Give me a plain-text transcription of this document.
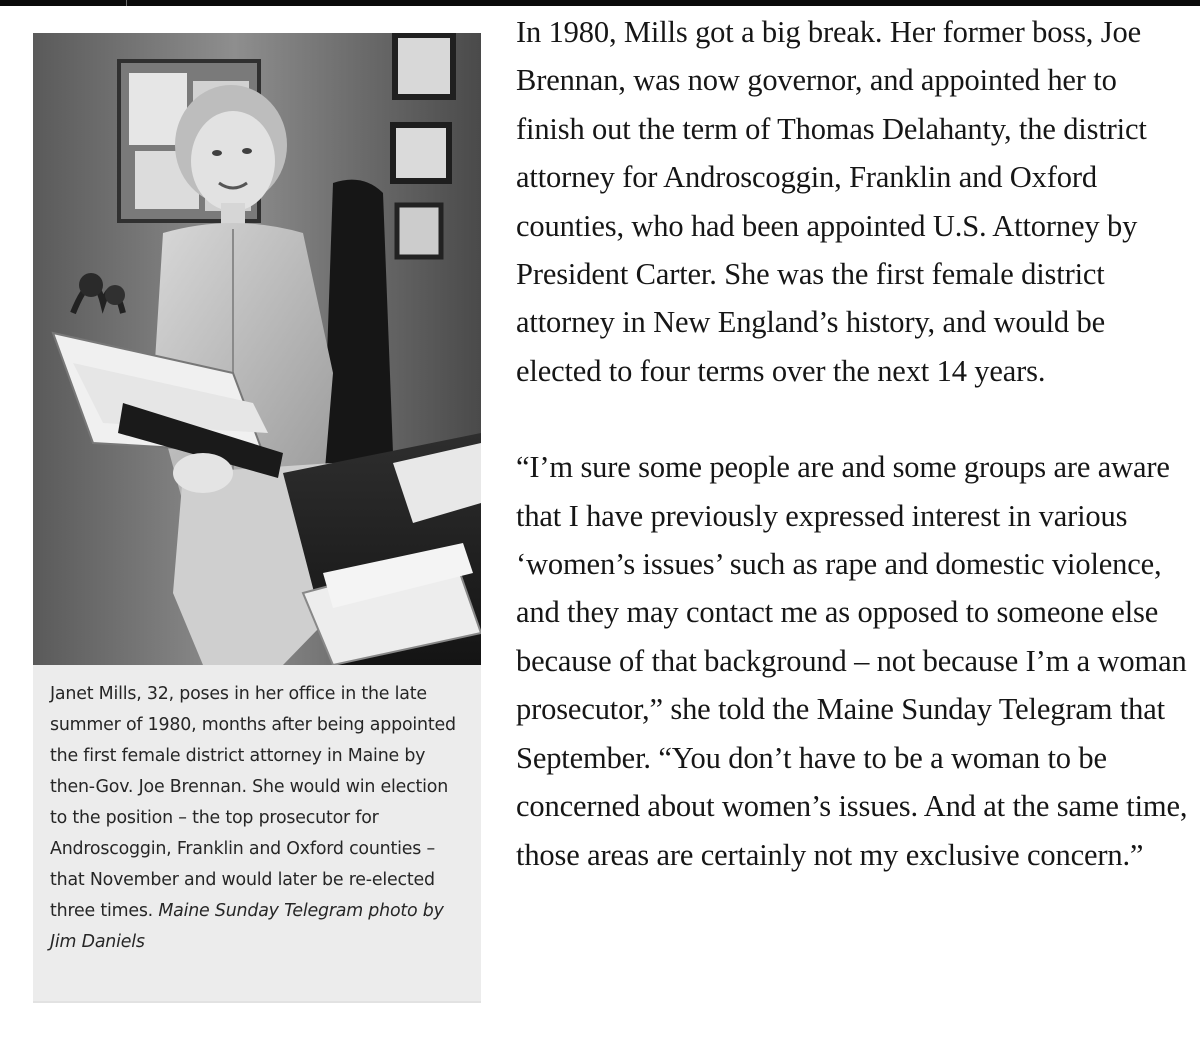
Janet Mills, 32, poses in her office in the late summer of 1980, months after being appointed the first female district attorney in Maine by then-Gov. Joe Brennan. She would win election to the position – the top prosecutor for Androscoggin, Franklin and Oxford counties – that November and would later be re-elected three times. Maine Sunday Telegram photo by Jim Daniels

In 1980, Mills got a big break. Her former boss, Joe Brennan, was now governor, and appointed her to finish out the term of Thomas Delahanty, the district attorney for Androscoggin, Franklin and Oxford counties, who had been appointed U.S. Attorney by President Carter. She was the first female district attorney in New England’s history, and would be elected to four terms over the next 14 years.

“I’m sure some people are and some groups are aware that I have previously expressed interest in various ‘women’s issues’ such as rape and domestic violence, and they may contact me as opposed to someone else because of that background – not because I’m a woman prosecutor,” she told the Maine Sunday Telegram that September. “You don’t have to be a woman to be concerned about women’s issues. And at the same time, those areas are certainly not my exclusive concern.”
